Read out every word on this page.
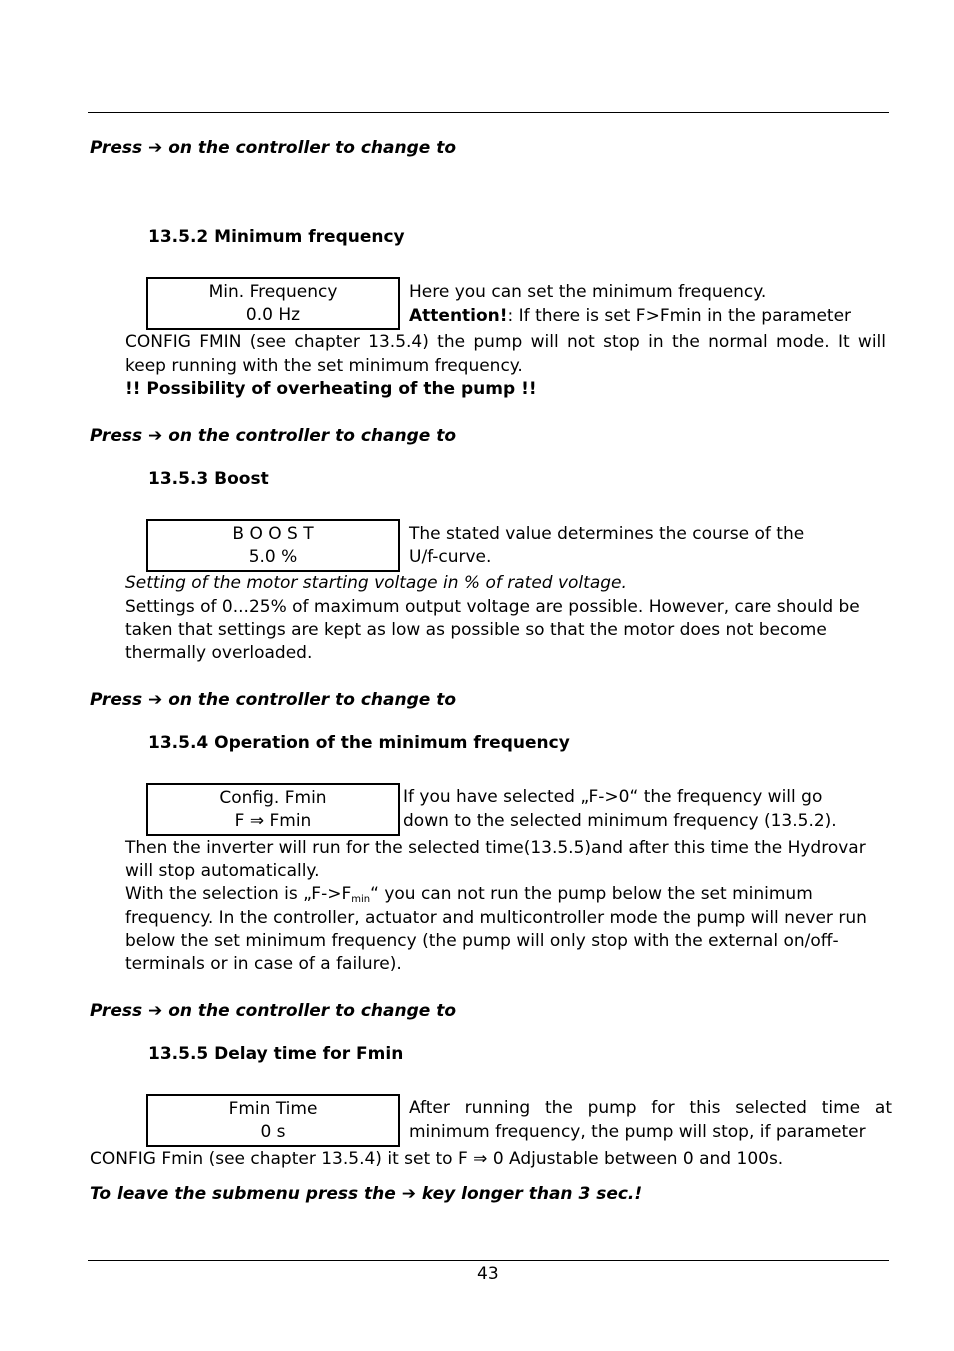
Press ➔ on the controller to change to
13.5.2 Minimum frequency
Min. Frequency
0.0 Hz
Here you can set the minimum frequency.
Attention!: If there is set F>Fmin in the parameter
CONFIG FMIN (see chapter 13.5.4) the pump will not stop in the normal mode. It will
keep running with the set minimum frequency.
!! Possibility of overheating of the pump !!
Press ➔ on the controller to change to
13.5.3 Boost
B O O S T
5.0 %
The stated value determines the course of the
U/f-curve.
Setting of the motor starting voltage in % of rated voltage.
Settings of 0...25% of maximum output voltage are possible. However, care should be
taken that settings are kept as low as possible so that the motor does not become
thermally overloaded.
Press ➔ on the controller to change to
13.5.4 Operation of the minimum frequency
Config. Fmin
F ⇒ Fmin
If you have selected „F->0“ the frequency will go
down to the selected minimum frequency (13.5.2).
Then the inverter will run for the selected time(13.5.5)and after this time the Hydrovar
will stop automatically.
With the selection is $„F->F_{min}“$ you can not run the pump below the set minimum
frequency. In the controller, actuator and multicontroller mode the pump will never run
below the set minimum frequency (the pump will only stop with the external on/off-
terminals or in case of a failure).
Press ➔ on the controller to change to
13.5.5 Delay time for Fmin
Fmin Time
0 s
After running the pump for this selected time at
minimum frequency, the pump will stop, if parameter
CONFIG Fmin (see chapter 13.5.4) it set to F ⇒ 0 Adjustable between 0 and 100s.
To leave the submenu press the ➔ key longer than 3 sec.!
43
